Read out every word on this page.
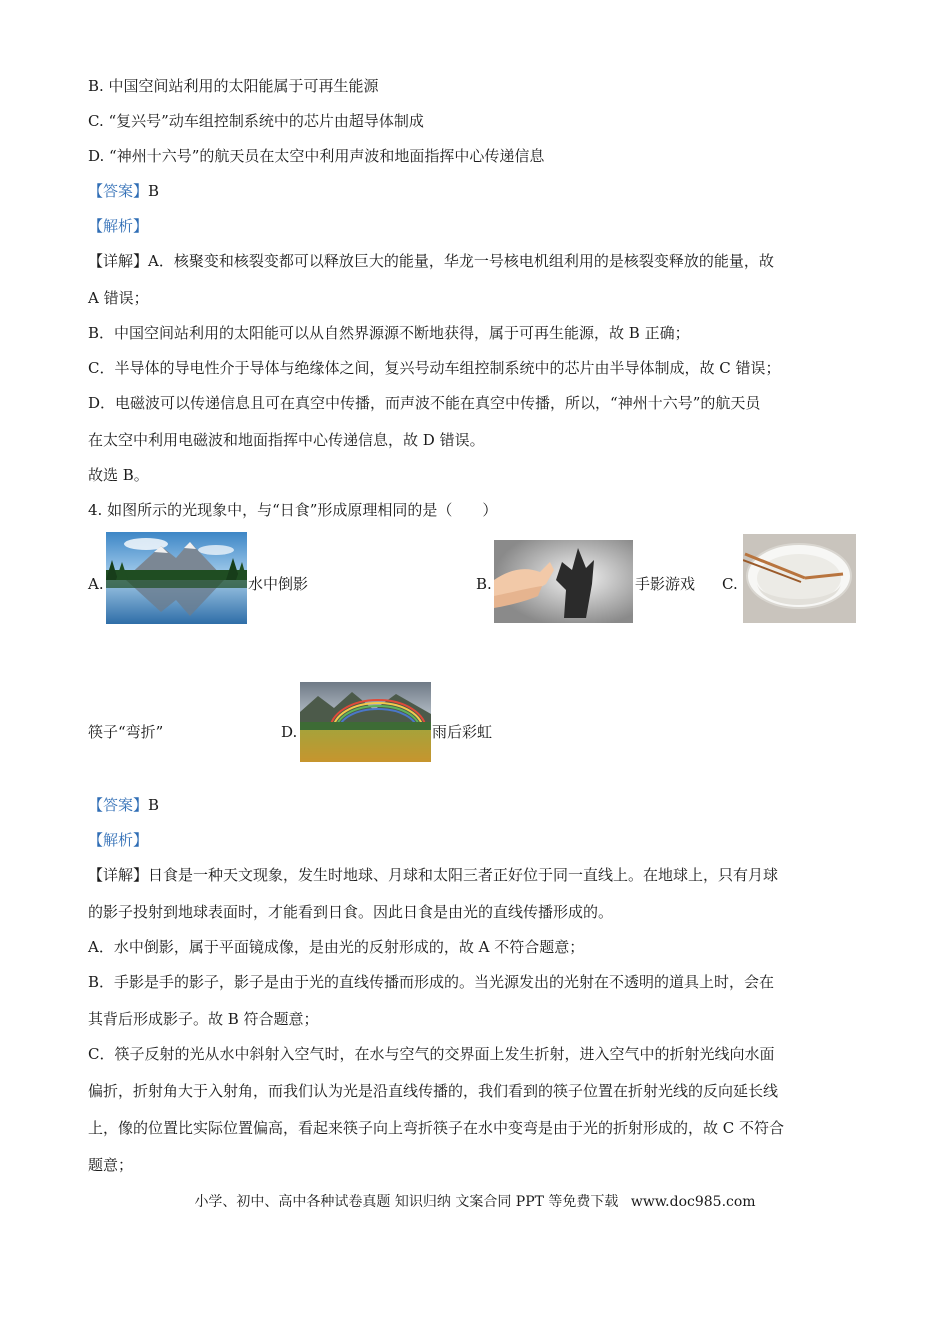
B. 中国空间站利用的太阳能属于可再生能源
C. “复兴号”动车组控制系统中的芯片由超导体制成
D. “神州十六号”的航天员在太空中利用声波和地面指挥中心传递信息
【答案】B
【解析】
【详解】A．核聚变和核裂变都可以释放巨大的能量，华龙一号核电机组利用的是核裂变释放的能量，故
A 错误；
B．中国空间站利用的太阳能可以从自然界源源不断地获得，属于可再生能源，故 B 正确；
C．半导体的导电性介于导体与绝缘体之间，复兴号动车组控制系统中的芯片由半导体制成，故 C 错误；
D．电磁波可以传递信息且可在真空中传播，而声波不能在真空中传播，所以，“神州十六号”的航天员
在太空中利用电磁波和地面指挥中心传递信息，故 D 错误。
故选 B。
4. 如图所示的光现象中，与“日食”形成原理相同的是（　　）
A.	水中倒影	B.	手影游戏 C.
筷子“弯折”	D.	雨后彩虹
【答案】B
【解析】
【详解】日食是一种天文现象，发生时地球、月球和太阳三者正好位于同一直线上。在地球上，只有月球
的影子投射到地球表面时，才能看到日食。因此日食是由光的直线传播形成的。
A．水中倒影，属于平面镜成像，是由光的反射形成的，故 A 不符合题意；
B．手影是手的影子，影子是由于光的直线传播而形成的。当光源发出的光射在不透明的道具上时，会在
其背后形成影子。故 B 符合题意；
C．筷子反射的光从水中斜射入空气时，在水与空气的交界面上发生折射，进入空气中的折射光线向水面
偏折，折射角大于入射角，而我们认为光是沿直线传播的，我们看到的筷子位置在折射光线的反向延长线
上，像的位置比实际位置偏高，看起来筷子向上弯折筷子在水中变弯是由于光的折射形成的，故 C 不符合
题意；
小学、初中、高中各种试卷真题 知识归纳 文案合同 PPT 等免费下载 www.doc985.com
